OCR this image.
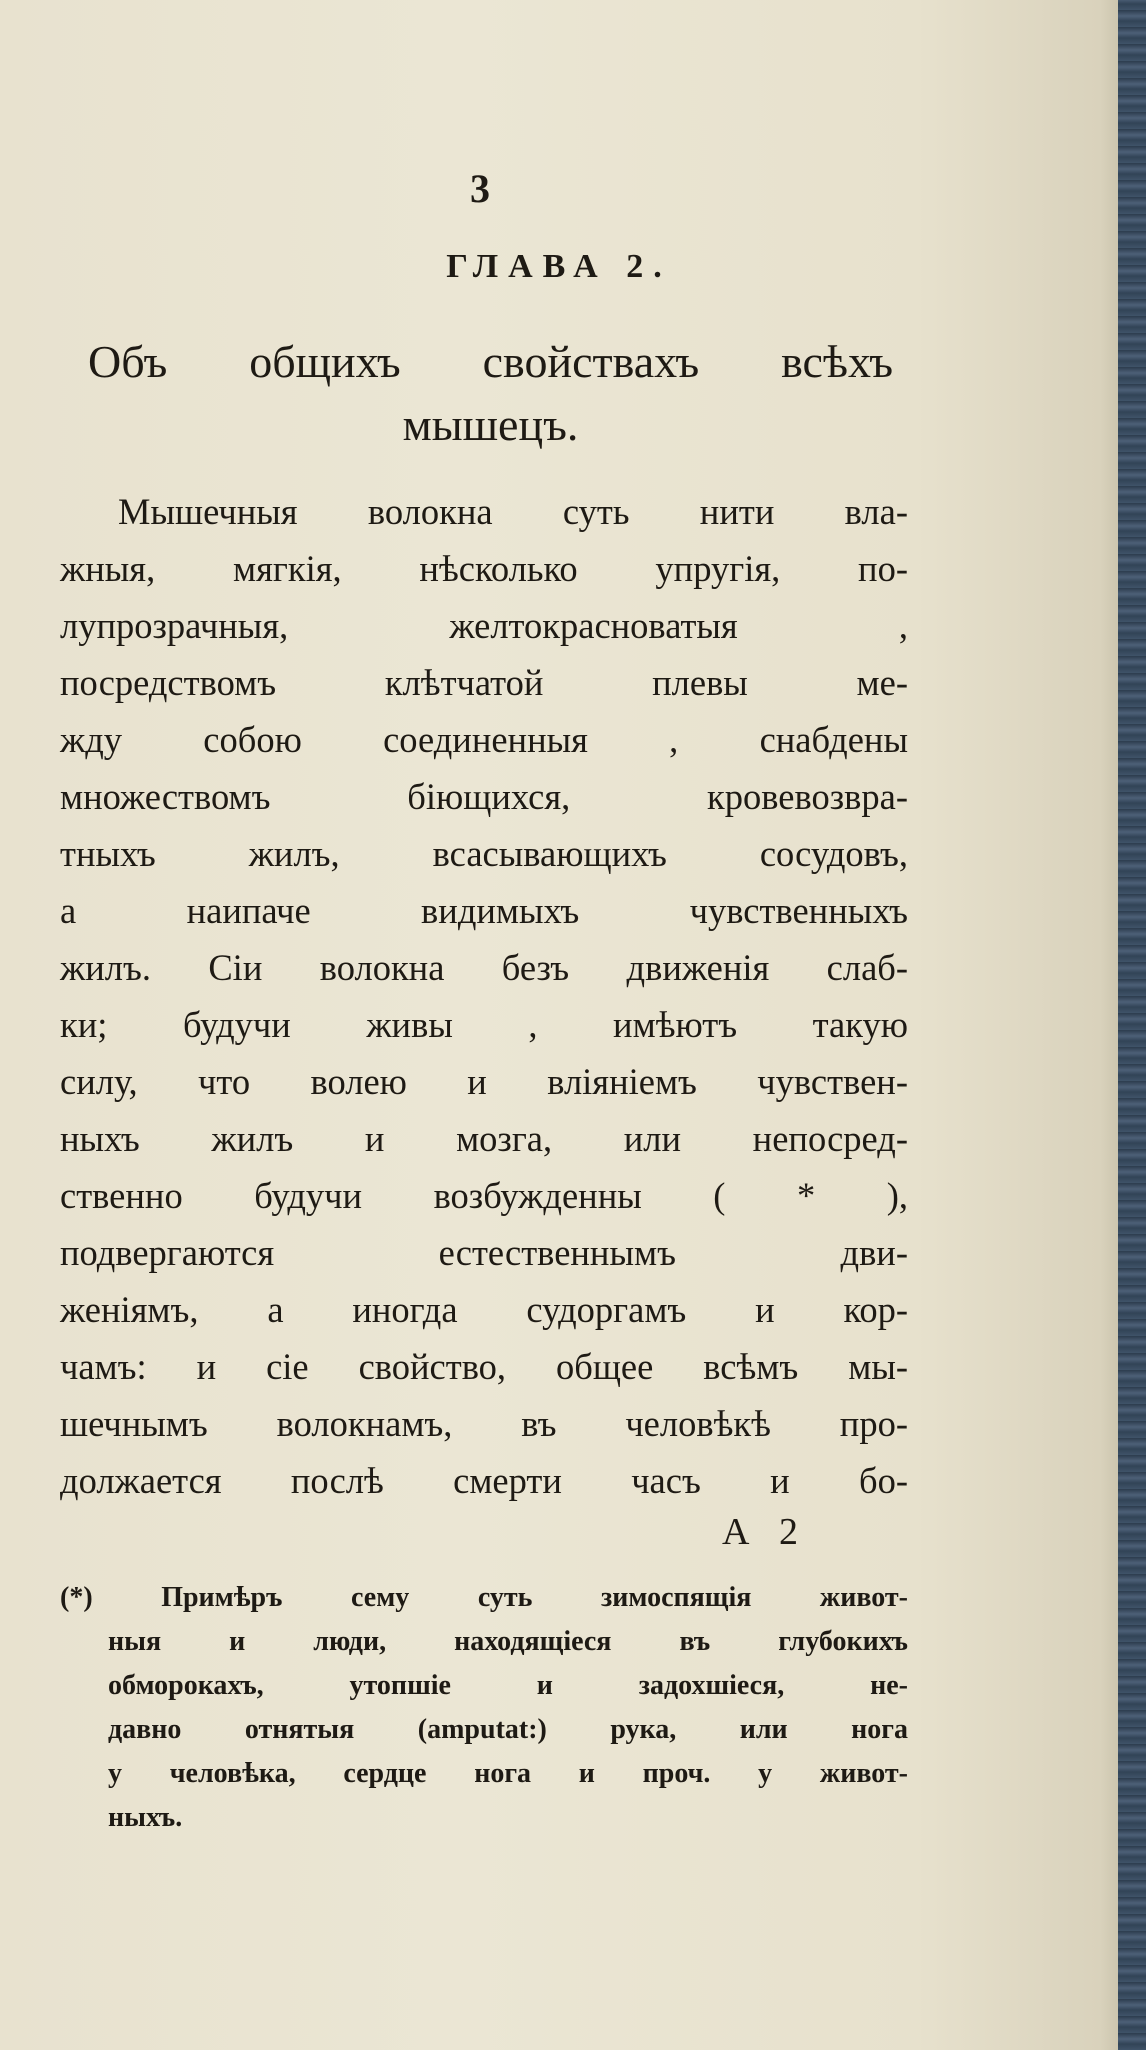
3
ГЛАВА 2.
Объ общихъ свойствахъ всѣхъ
мышецъ.
Мышечныя волокна суть нити вла-
жныя, мягкія, нѣсколько упругія, по-
лупрозрачныя, желтокрасноватыя ,
посредствомъ клѣтчатой плевы ме-
жду собою соединенныя , снабдены
множествомъ біющихся, кровевозвра-
тныхъ жилъ, всасывающихъ сосудовъ,
а наипаче видимыхъ чувственныхъ
жилъ. Сіи волокна безъ движенія слаб-
ки; будучи живы , имѣютъ такую
силу, что волею и вліяніемъ чувствен-
ныхъ жилъ и мозга, или непосред-
ственно будучи возбужденны ( * ),
подвергаются естественнымъ дви-
женіямъ, а иногда судоргамъ и кор-
чамъ: и сіе свойство, общее всѣмъ мы-
шечнымъ волокнамъ, въ человѣкѣ про-
должается послѣ смерти часъ и бо-
А 2
(*) Примѣръ сему суть зимоспящія живот-
ныя и люди, находящіеся въ глубокихъ
обморокахъ, утопшіе и задохшіеся, не-
давно отнятыя (amputat:) рука, или нога
у человѣка, сердце нога и проч. у живот-
ныхъ.
